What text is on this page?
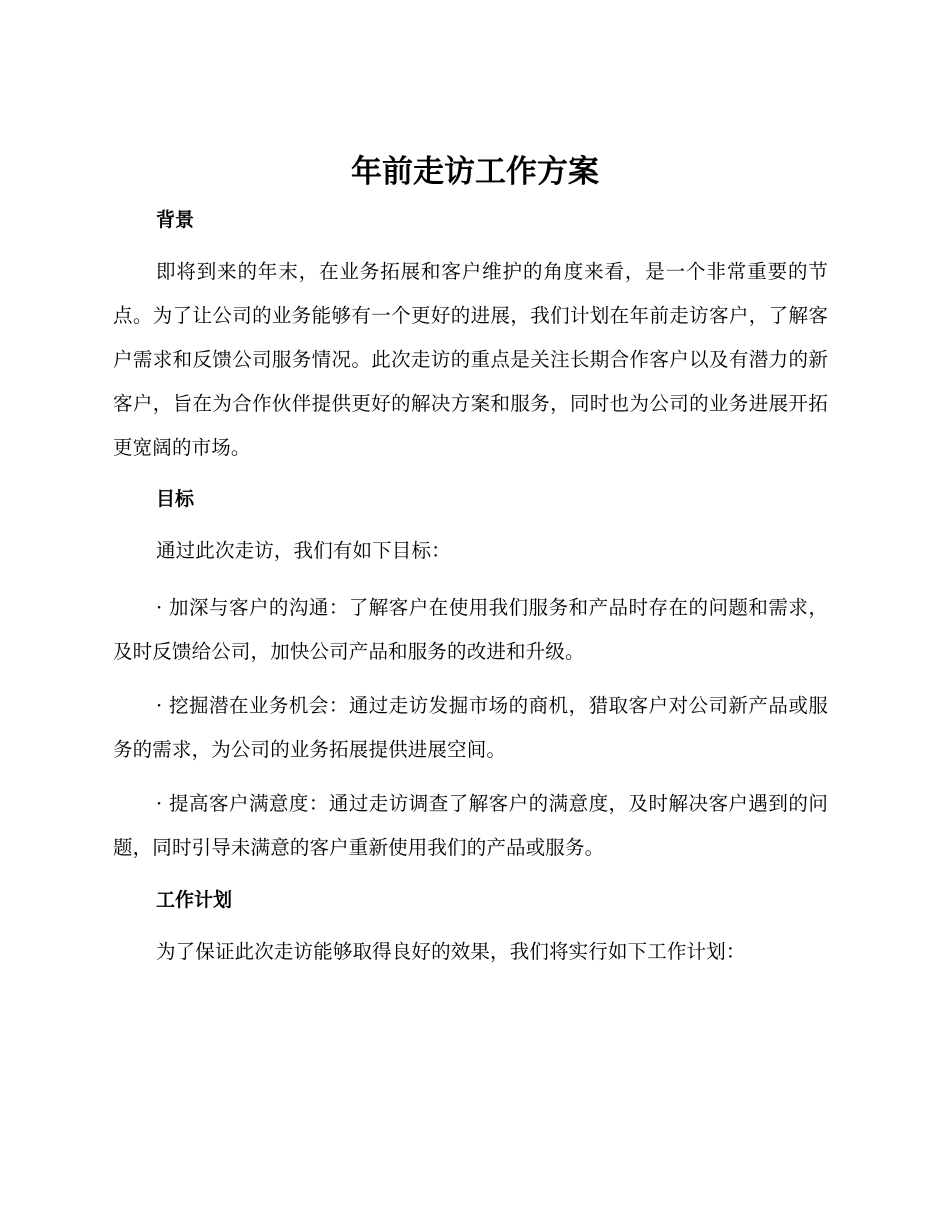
年前走访工作方案
背景

即将到来的年末，在业务拓展和客户维护的角度来看，是一个非常重要的节点。为了让公司的业务能够有一个更好的进展，我们计划在年前走访客户，了解客户需求和反馈公司服务情况。此次走访的重点是关注长期合作客户以及有潜力的新客户，旨在为合作伙伴提供更好的解决方案和服务，同时也为公司的业务进展开拓更宽阔的市场。

目标

通过此次走访，我们有如下目标：

· 加深与客户的沟通：了解客户在使用我们服务和产品时存在的问题和需求，及时反馈给公司，加快公司产品和服务的改进和升级。

· 挖掘潜在业务机会：通过走访发掘市场的商机，猎取客户对公司新产品或服务的需求，为公司的业务拓展提供进展空间。

· 提高客户满意度：通过走访调查了解客户的满意度，及时解决客户遇到的问题，同时引导未满意的客户重新使用我们的产品或服务。

工作计划

为了保证此次走访能够取得良好的效果，我们将实行如下工作计划：
